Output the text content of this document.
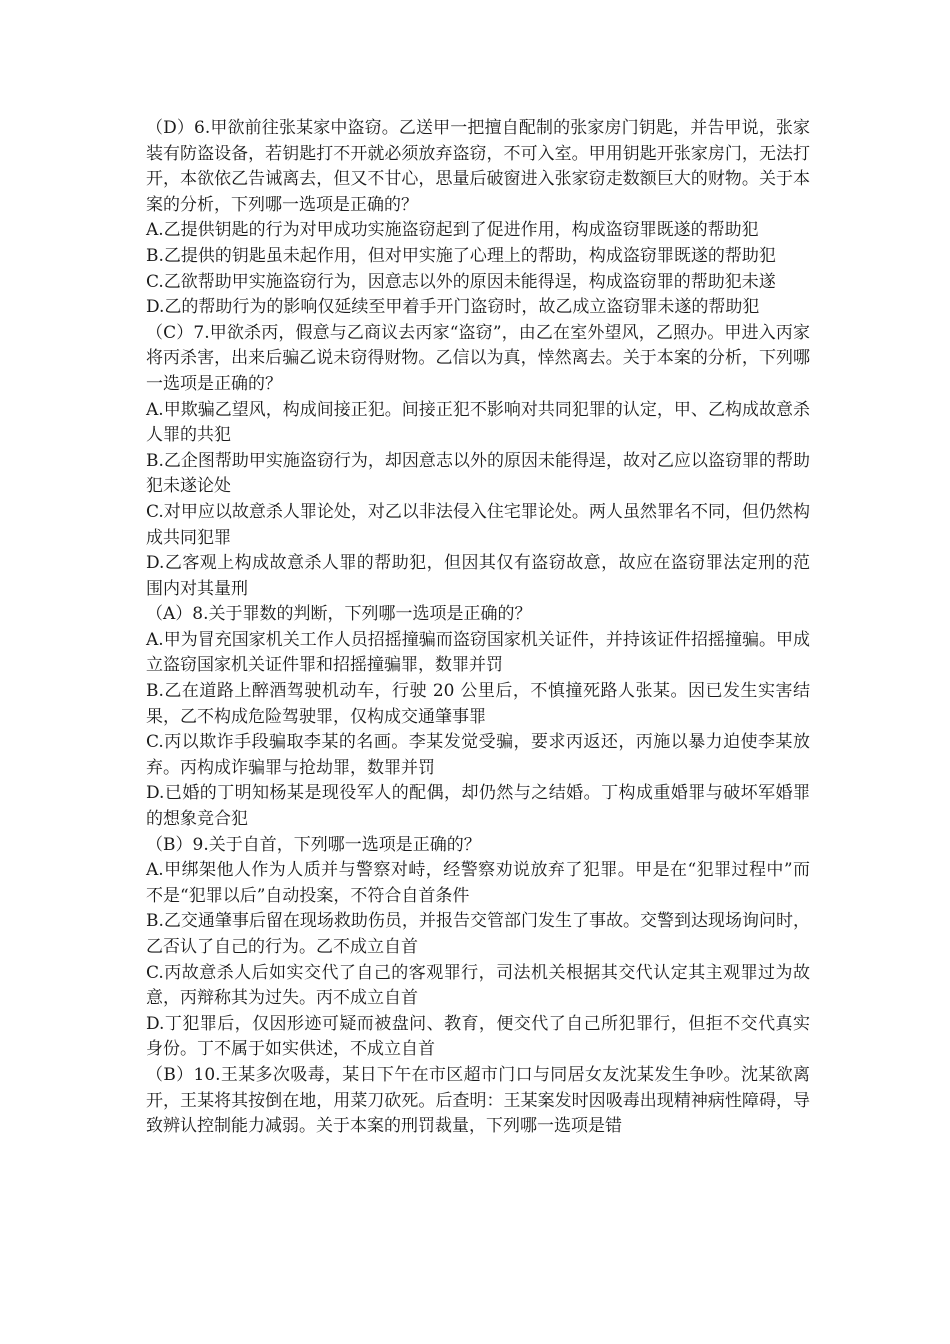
（D）6.甲欲前往张某家中盗窃。乙送甲一把擅自配制的张家房门钥匙，并告甲说，张家装有防盗设备，若钥匙打不开就必须放弃盗窃，不可入室。甲用钥匙开张家房门，无法打开，本欲依乙告诫离去，但又不甘心，思量后破窗进入张家窃走数额巨大的财物。关于本案的分析，下列哪一选项是正确的？

A.乙提供钥匙的行为对甲成功实施盗窃起到了促进作用，构成盗窃罪既遂的帮助犯

B.乙提供的钥匙虽未起作用，但对甲实施了心理上的帮助，构成盗窃罪既遂的帮助犯

C.乙欲帮助甲实施盗窃行为，因意志以外的原因未能得逞，构成盗窃罪的帮助犯未遂

D.乙的帮助行为的影响仅延续至甲着手开门盗窃时，故乙成立盗窃罪未遂的帮助犯

（C）7.甲欲杀丙，假意与乙商议去丙家“盗窃”，由乙在室外望风，乙照办。甲进入丙家将丙杀害，出来后骗乙说未窃得财物。乙信以为真，悻然离去。关于本案的分析，下列哪一选项是正确的？

A.甲欺骗乙望风，构成间接正犯。间接正犯不影响对共同犯罪的认定，甲、乙构成故意杀人罪的共犯

B.乙企图帮助甲实施盗窃行为，却因意志以外的原因未能得逞，故对乙应以盗窃罪的帮助犯未遂论处

C.对甲应以故意杀人罪论处，对乙以非法侵入住宅罪论处。两人虽然罪名不同，但仍然构成共同犯罪

D.乙客观上构成故意杀人罪的帮助犯，但因其仅有盗窃故意，故应在盗窃罪法定刑的范围内对其量刑

（A）8.关于罪数的判断，下列哪一选项是正确的？

A.甲为冒充国家机关工作人员招摇撞骗而盗窃国家机关证件，并持该证件招摇撞骗。甲成立盗窃国家机关证件罪和招摇撞骗罪，数罪并罚

B.乙在道路上醉酒驾驶机动车，行驶 20 公里后，不慎撞死路人张某。因已发生实害结果，乙不构成危险驾驶罪，仅构成交通肇事罪

C.丙以欺诈手段骗取李某的名画。李某发觉受骗，要求丙返还，丙施以暴力迫使李某放弃。丙构成诈骗罪与抢劫罪，数罪并罚

D.已婚的丁明知杨某是现役军人的配偶，却仍然与之结婚。丁构成重婚罪与破坏军婚罪的想象竞合犯

（B）9.关于自首，下列哪一选项是正确的？

A.甲绑架他人作为人质并与警察对峙，经警察劝说放弃了犯罪。甲是在“犯罪过程中”而不是“犯罪以后”自动投案，不符合自首条件

B.乙交通肇事后留在现场救助伤员，并报告交管部门发生了事故。交警到达现场询问时，乙否认了自己的行为。乙不成立自首

C.丙故意杀人后如实交代了自己的客观罪行，司法机关根据其交代认定其主观罪过为故意，丙辩称其为过失。丙不成立自首

D.丁犯罪后，仅因形迹可疑而被盘问、教育，便交代了自己所犯罪行，但拒不交代真实身份。丁不属于如实供述，不成立自首

（B）10.王某多次吸毒，某日下午在市区超市门口与同居女友沈某发生争吵。沈某欲离开，王某将其按倒在地，用菜刀砍死。后查明：王某案发时因吸毒出现精神病性障碍，导致辨认控制能力减弱。关于本案的刑罚裁量，下列哪一选项是错
